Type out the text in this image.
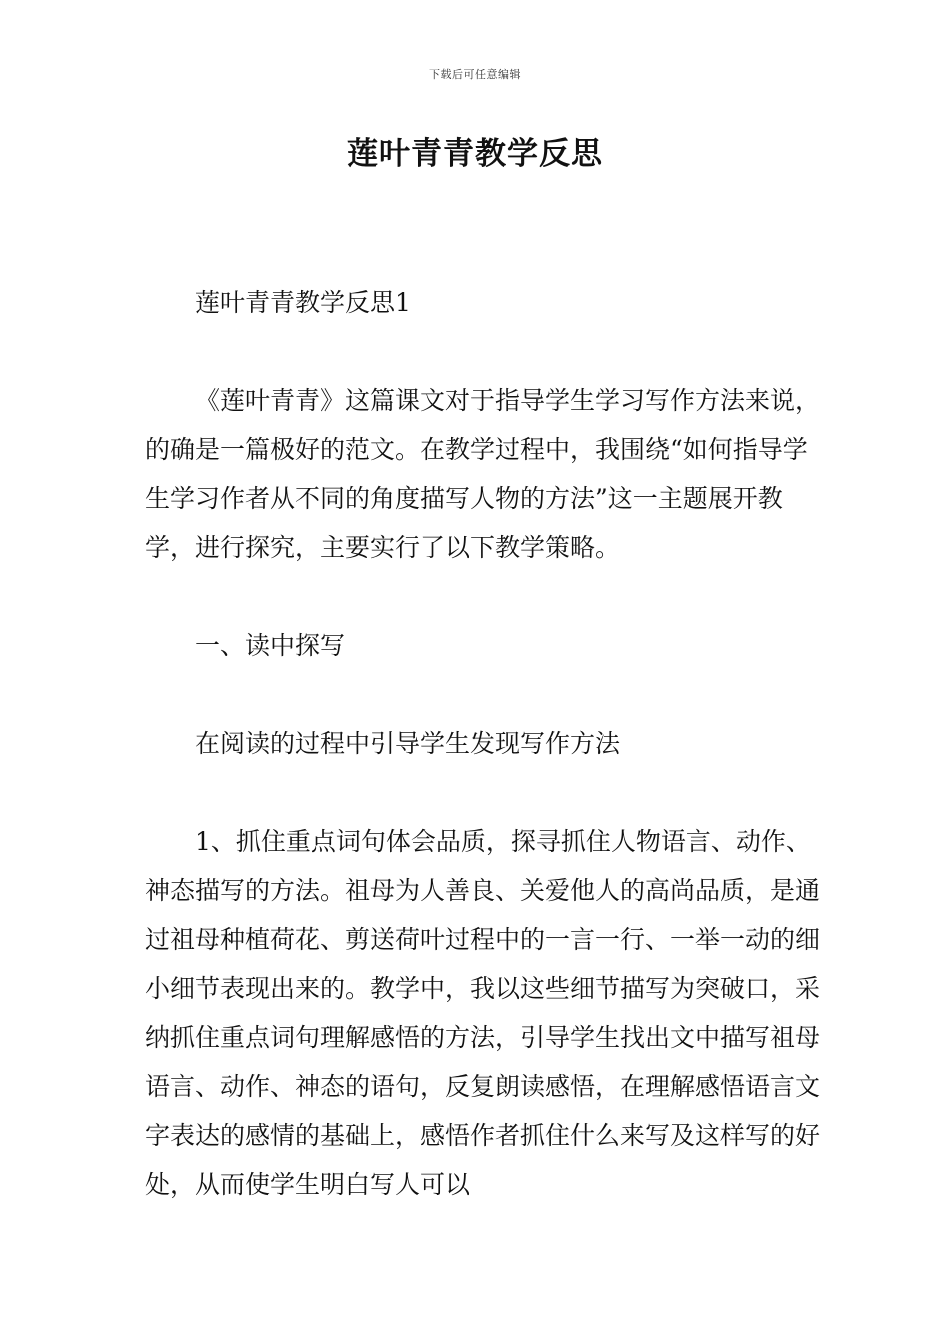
下载后可任意编辑
莲叶青青教学反思

莲叶青青教学反思1

《莲叶青青》这篇课文对于指导学生学习写作方法来说，的确是一篇极好的范文。在教学过程中，我围绕“如何指导学生学习作者从不同的角度描写人物的方法”这一主题展开教学，进行探究，主要实行了以下教学策略。

一、读中探写

在阅读的过程中引导学生发现写作方法

1、抓住重点词句体会品质，探寻抓住人物语言、动作、神态描写的方法。祖母为人善良、关爱他人的高尚品质，是通过祖母种植荷花、剪送荷叶过程中的一言一行、一举一动的细小细节表现出来的。教学中，我以这些细节描写为突破口，采纳抓住重点词句理解感悟的方法，引导学生找出文中描写祖母语言、动作、神态的语句，反复朗读感悟，在理解感悟语言文字表达的感情的基础上，感悟作者抓住什么来写及这样写的好处，从而使学生明白写人可以
